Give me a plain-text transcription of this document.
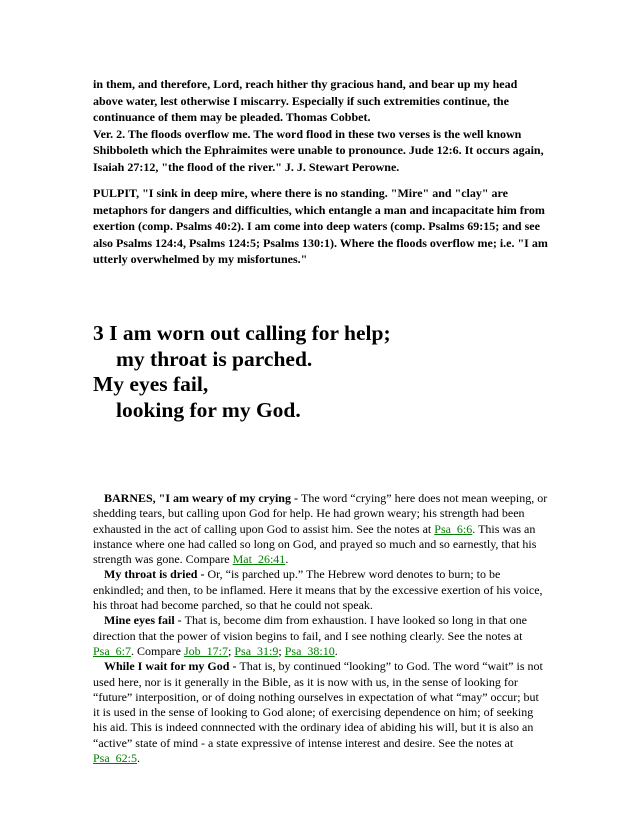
in them, and therefore, Lord, reach hither thy gracious hand, and bear up my head above water, lest otherwise I miscarry. Especially if such extremities continue, the continuance of them may be pleaded. Thomas Cobbet.

Ver. 2. The floods overflow me. The word flood in these two verses is the well known Shibboleth which the Ephraimites were unable to pronounce. Jude 12:6. It occurs again, Isaiah 27:12, "the flood of the river." J. J. Stewart Perowne.

PULPIT, "I sink in deep mire, where there is no standing. "Mire" and "clay" are metaphors for dangers and difficulties, which entangle a man and incapacitate him from exertion (comp. Psalms 40:2). I am come into deep waters (comp. Psalms 69:15; and see also Psalms 124:4, Psalms 124:5; Psalms 130:1). Where the floods overflow me; i.e. "I am utterly overwhelmed by my misfortunes."

3 I am worn out calling for help;
my throat is parched.
My eyes fail,
looking for my God.

BARNES, "I am weary of my crying - The word “crying” here does not mean weeping, or shedding tears, but calling upon God for help. He had grown weary; his strength had been exhausted in the act of calling upon God to assist him. See the notes at Psa_6:6. This was an instance where one had called so long on God, and prayed so much and so earnestly, that his strength was gone. Compare Mat_26:41.

My throat is dried - Or, “is parched up.” The Hebrew word denotes to burn; to be enkindled; and then, to be inflamed. Here it means that by the excessive exertion of his voice, his throat had become parched, so that he could not speak.

Mine eyes fail - That is, become dim from exhaustion. I have looked so long in that one direction that the power of vision begins to fail, and I see nothing clearly. See the notes at Psa_6:7. Compare Job_17:7; Psa_31:9; Psa_38:10.

While I wait for my God - That is, by continued “looking” to God. The word “wait” is not used here, nor is it generally in the Bible, as it is now with us, in the sense of looking for “future” interposition, or of doing nothing ourselves in expectation of what “may” occur; but it is used in the sense of looking to God alone; of exercising dependence on him; of seeking his aid. This is indeed connnected with the ordinary idea of abiding his will, but it is also an “active” state of mind - a state expressive of intense interest and desire. See the notes at Psa_62:5.
